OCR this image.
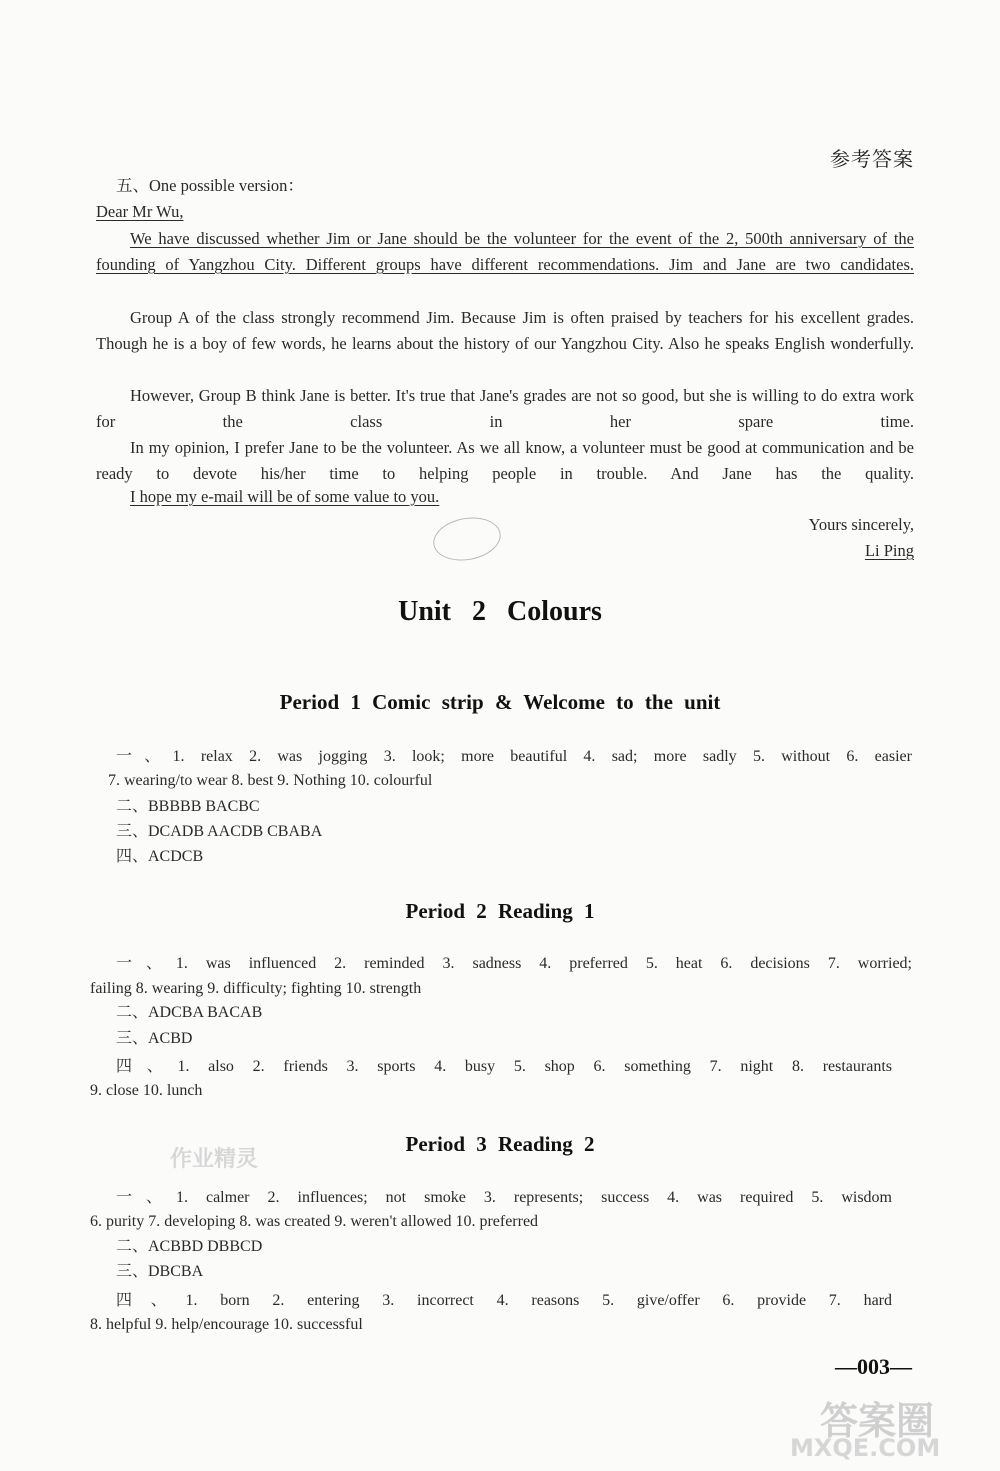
参考答案
五、One possible version：
Dear Mr Wu,
We have discussed whether Jim or Jane should be the volunteer for the event of the 2, 500th anniversary of the founding of Yangzhou City. Different groups have different recommendations. Jim and Jane are two candidates.
Group A of the class strongly recommend Jim. Because Jim is often praised by teachers for his excellent grades. Though he is a boy of few words, he learns about the history of our Yangzhou City. Also he speaks English wonderfully.
However, Group B think Jane is better. It's true that Jane's grades are not so good, but she is willing to do extra work for the class in her spare time.
In my opinion, I prefer Jane to be the volunteer. As we all know, a volunteer must be good at communication and be ready to devote his/her time to helping people in trouble. And Jane has the quality.
I hope my e-mail will be of some value to you.
Yours sincerely,
Li Ping
Unit 2 Colours
Period 1 Comic strip & Welcome to the unit
一、1. relax 2. was jogging 3. look; more beautiful 4. sad; more sadly 5. without 6. easier
7. wearing/to wear 8. best 9. Nothing 10. colourful
二、BBBBB BACBC
三、DCADB AACDB CBABA
四、ACDCB
Period 2 Reading 1
一、1. was influenced 2. reminded 3. sadness 4. preferred 5. heat 6. decisions 7. worried;
failing 8. wearing 9. difficulty; fighting 10. strength
二、ADCBA BACAB
三、ACBD
四、1. also 2. friends 3. sports 4. busy 5. shop 6. something 7. night 8. restaurants
9. close 10. lunch
Period 3 Reading 2
一、1. calmer 2. influences; not smoke 3. represents; success 4. was required 5. wisdom
6. purity 7. developing 8. was created 9. weren't allowed 10. preferred
二、ACBBD DBBCD
三、DBCBA
四、1. born 2. entering 3. incorrect 4. reasons 5. give/offer 6. provide 7. hard
8. helpful 9. help/encourage 10. successful
—003—
作业精灵
答案圈
MXQE.COM
